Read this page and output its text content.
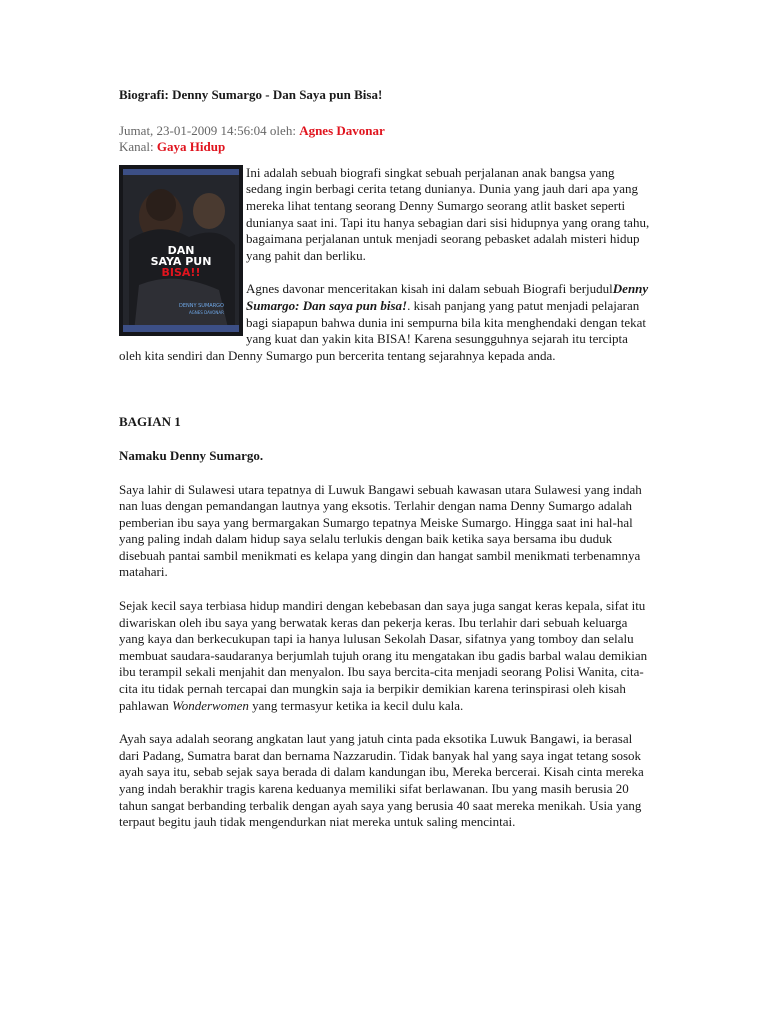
Biografi: Denny Sumargo - Dan Saya pun Bisa!

Jumat, 23-01-2009 14:56:04 oleh: Agnes Davonar
Kanal: Gaya Hidup

DAN
SAYA PUN
BISA!!
DENNY SUMARGO
AGNES DAVONAR

Ini adalah sebuah biografi singkat sebuah perjalanan anak bangsa yang sedang ingin berbagi cerita tetang dunianya. Dunia yang jauh dari apa yang mereka lihat tentang seorang Denny Sumargo seorang atlit basket seperti dunianya saat ini. Tapi itu hanya sebagian dari sisi hidupnya yang orang tahu, bagaimana perjalanan untuk menjadi seorang pebasket adalah misteri hidup yang pahit dan berliku.

Agnes davonar menceritakan kisah ini dalam sebuah Biografi berjudulDenny Sumargo: Dan saya pun bisa!. kisah panjang yang patut menjadi pelajaran bagi siapapun bahwa dunia ini sempurna bila kita menghendaki dengan tekat yang kuat dan yakin kita BISA! Karena sesungguhnya sejarah itu tercipta oleh kita sendiri dan Denny Sumargo pun bercerita tentang sejarahnya kepada anda.

BAGIAN 1

Namaku Denny Sumargo.

Saya lahir di Sulawesi utara tepatnya di Luwuk Bangawi sebuah kawasan utara Sulawesi yang indah nan luas dengan pemandangan lautnya yang eksotis. Terlahir dengan nama Denny Sumargo adalah pemberian ibu saya yang bermargakan Sumargo tepatnya Meiske Sumargo. Hingga saat ini hal-hal yang paling indah dalam hidup saya selalu terlukis dengan baik ketika saya bersama ibu duduk disebuah pantai sambil menikmati es kelapa yang dingin dan hangat sambil menikmati terbenamnya matahari.

Sejak kecil saya terbiasa hidup mandiri dengan kebebasan dan saya juga sangat keras kepala, sifat itu diwariskan oleh ibu saya yang berwatak keras dan pekerja keras. Ibu terlahir dari sebuah keluarga yang kaya dan berkecukupan tapi ia hanya lulusan Sekolah Dasar, sifatnya yang tomboy dan selalu membuat saudara-saudaranya berjumlah tujuh orang itu mengatakan ibu gadis barbal walau demikian ibu terampil sekali menjahit dan menyalon. Ibu saya bercita-cita menjadi seorang Polisi Wanita, cita-cita itu tidak pernah tercapai dan mungkin saja ia berpikir demikian karena terinspirasi oleh kisah pahlawan Wonderwomen yang termasyur ketika ia kecil dulu kala.

Ayah saya adalah seorang angkatan laut yang jatuh cinta pada eksotika Luwuk Bangawi, ia berasal dari Padang, Sumatra barat dan bernama Nazzarudin. Tidak banyak hal yang saya ingat tetang sosok ayah saya itu, sebab sejak saya berada di dalam kandungan ibu, Mereka bercerai. Kisah cinta mereka yang indah berakhir tragis karena keduanya memiliki sifat berlawanan. Ibu yang masih berusia 20 tahun sangat berbanding terbalik dengan ayah saya yang berusia 40 saat mereka menikah. Usia yang terpaut begitu jauh tidak mengendurkan niat mereka untuk saling mencintai.
